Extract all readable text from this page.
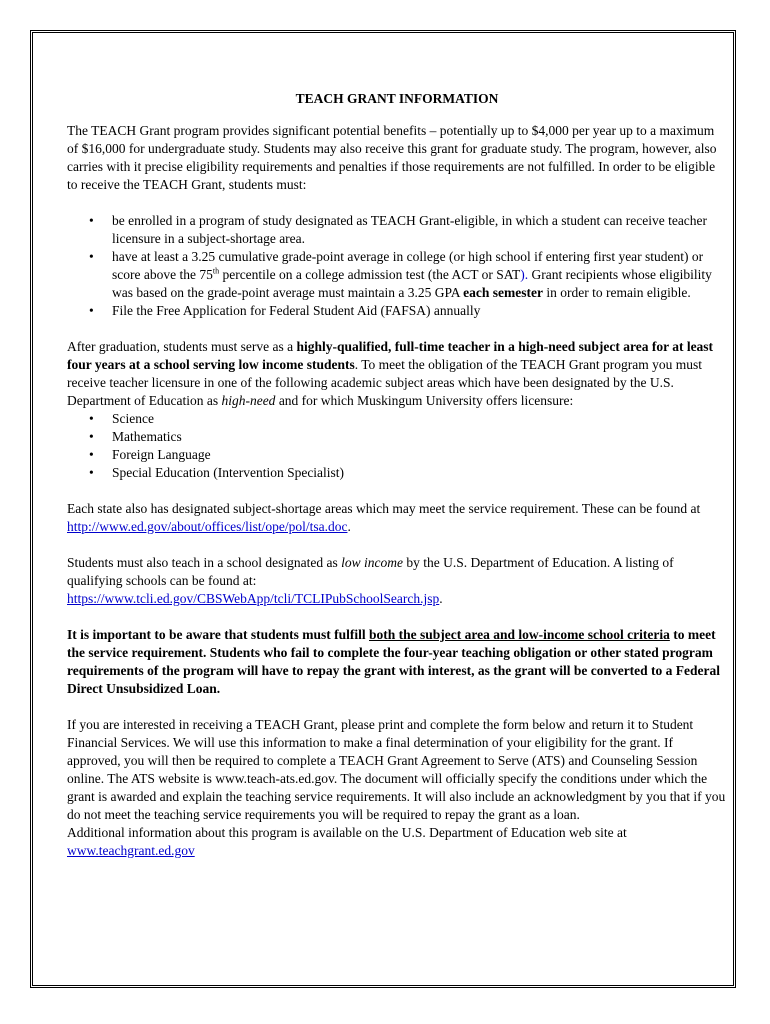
TEACH GRANT INFORMATION

The TEACH Grant program provides significant potential benefits – potentially up to $4,000 per year up to a maximum of $16,000 for undergraduate study. Students may also receive this grant for graduate study. The program, however, also carries with it precise eligibility requirements and penalties if those requirements are not fulfilled. In order to be eligible to receive the TEACH Grant, students must:

• be enrolled in a program of study designated as TEACH Grant-eligible, in which a student can receive teacher licensure in a subject-shortage area.
• have at least a 3.25 cumulative grade-point average in college (or high school if entering first year student) or score above the 75th percentile on a college admission test (the ACT or SAT). Grant recipients whose eligibility was based on the grade-point average must maintain a 3.25 GPA each semester in order to remain eligible.
• File the Free Application for Federal Student Aid (FAFSA) annually

After graduation, students must serve as a highly-qualified, full-time teacher in a high-need subject area for at least four years at a school serving low income students. To meet the obligation of the TEACH Grant program you must receive teacher licensure in one of the following academic subject areas which have been designated by the U.S. Department of Education as high-need and for which Muskingum University offers licensure:

• Science
• Mathematics
• Foreign Language
• Special Education (Intervention Specialist)

Each state also has designated subject-shortage areas which may meet the service requirement. These can be found at http://www.ed.gov/about/offices/list/ope/pol/tsa.doc.

Students must also teach in a school designated as low income by the U.S. Department of Education. A listing of qualifying schools can be found at:
https://www.tcli.ed.gov/CBSWebApp/tcli/TCLIPubSchoolSearch.jsp.

It is important to be aware that students must fulfill both the subject area and low-income school criteria to meet the service requirement. Students who fail to complete the four-year teaching obligation or other stated program requirements of the program will have to repay the grant with interest, as the grant will be converted to a Federal Direct Unsubsidized Loan.

If you are interested in receiving a TEACH Grant, please print and complete the form below and return it to Student Financial Services. We will use this information to make a final determination of your eligibility for the grant. If approved, you will then be required to complete a TEACH Grant Agreement to Serve (ATS) and Counseling Session online. The ATS website is www.teach-ats.ed.gov. The document will officially specify the conditions under which the grant is awarded and explain the teaching service requirements. It will also include an acknowledgment by you that if you do not meet the teaching service requirements you will be required to repay the grant as a loan.

Additional information about this program is available on the U.S. Department of Education web site at

www.teachgrant.ed.gov
